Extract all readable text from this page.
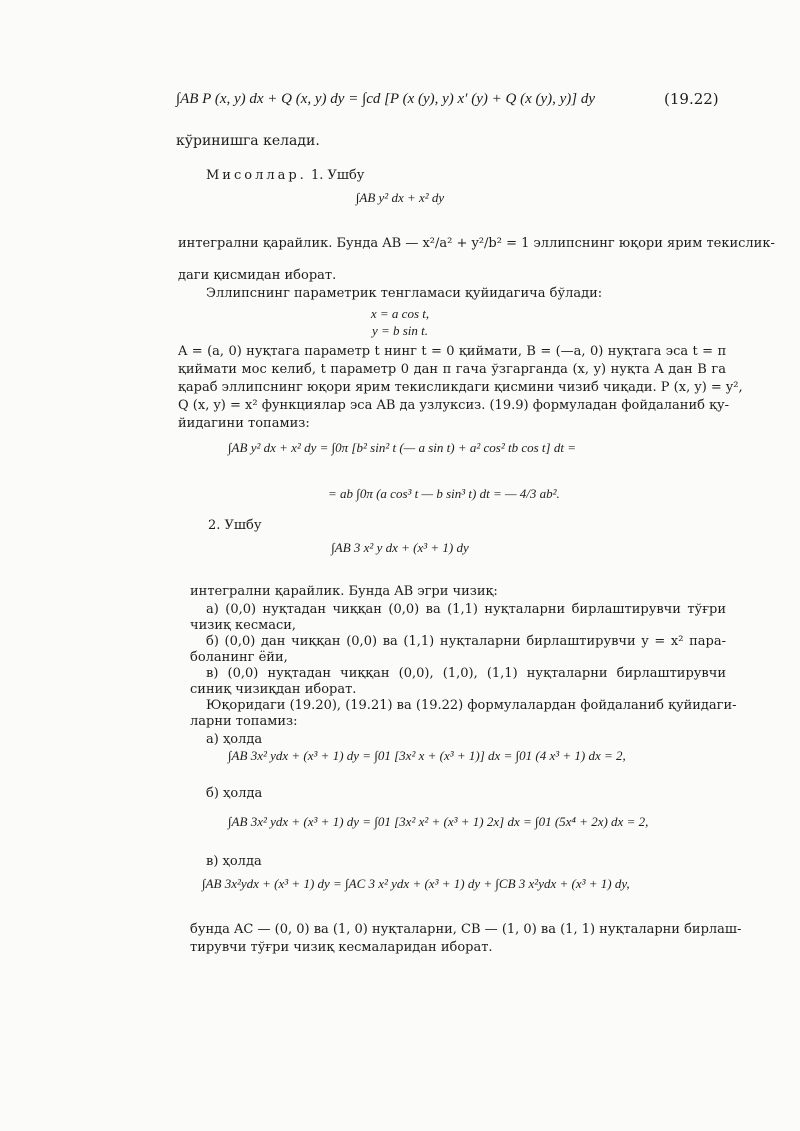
∫AB P (x, y) dx + Q (x, y) dy = ∫cd [P (x (y), y) x′ (y) + Q (x (y), y)] dy	(19.22)
кўринишга келади.
Мисоллар. 1. Ушбу
∫AB y² dx + x² dy
интегрални қарайлик. Бунда AB — x²/a² + y²/b² = 1 эллипснинг юқори ярим текислик-
даги қисмидан иборат.
Эллипснинг параметрик тенгламаси қуйидагича бўлади:
x = a cos t,
y = b sin t.
A = (a, 0) нуқтага параметр t нинг t = 0 қиймати, B = (—a, 0) нуқтага эса t = π
қиймати мос келиб, t параметр 0 дан π гача ўзгарганда (x, y) нуқта A дан B га
қараб эллипснинг юқори ярим текисликдаги қисмини чизиб чиқади. P (x, y) = y²,
Q (x, y) = x² функциялар эса AB да узлуксиз. (19.9) формуладан фойдаланиб қу-
йидагини топамиз:
∫AB y² dx + x² dy = ∫0π [b² sin² t (— a sin t) + a² cos² tb cos t] dt =
= ab ∫0π (a cos³ t — b sin³ t) dt = — 4/3 ab².
2. Ушбу
∫AB 3 x² y dx + (x³ + 1) dy
интегрални қарайлик. Бунда AB эгри чизиқ:
а) (0,0) нуқтадан чиққан (0,0) ва (1,1) нуқталарни бирлаштирувчи тўғри
чизиқ кесмаси,
б) (0,0) дан чиққан (0,0) ва (1,1) нуқталарни бирлаштирувчи y = x² пара-
боланинг ёйи,
в) (0,0) нуқтадан чиққан (0,0), (1,0), (1,1) нуқталарни бирлаштирувчи
синиқ чизиқдан иборат.
Юқоридаги (19.20), (19.21) ва (19.22) формулалардан фойдаланиб қуйидаги-
ларни топамиз:
а) ҳолда
∫AB 3x² ydx + (x³ + 1) dy = ∫01 [3x² x + (x³ + 1)] dx = ∫01 (4 x³ + 1) dx = 2,
б) ҳолда
∫AB 3x² ydx + (x³ + 1) dy = ∫01 [3x² x² + (x³ + 1) 2x] dx = ∫01 (5x⁴ + 2x) dx = 2,
в) ҳолда
∫AB 3x²ydx + (x³ + 1) dy = ∫AC 3 x² ydx + (x³ + 1) dy + ∫CB 3 x²ydx + (x³ + 1) dy,
бунда AC — (0, 0) ва (1, 0) нуқталарни, CB — (1, 0) ва (1, 1) нуқталарни бирлаш-
тирувчи тўғри чизиқ кесмаларидан иборат.
